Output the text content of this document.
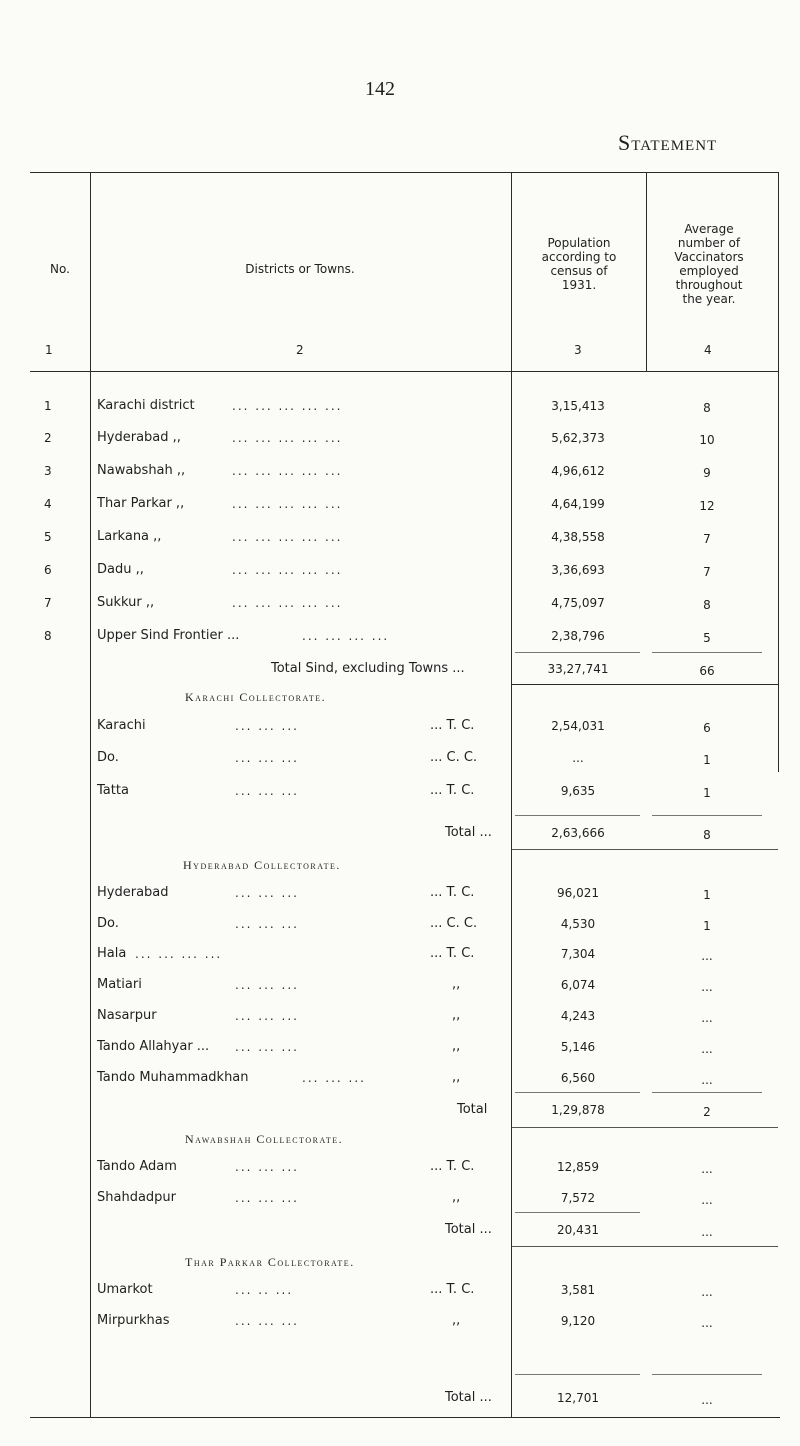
142
Statement
No.	Districts or Towns.
Population
according to
census of
1931.
Average
number of
Vaccinators
employed
throughout
the year.
1	2	3	4
1	Karachi district	... ... ... ... ...	3,15,413	8
2	Hyderabad ,,	... ... ... ... ...	5,62,373	10
3	Nawabshah ,,	... ... ... ... ...	4,96,612	9
4	Thar Parkar ,,	... ... ... ... ...	4,64,199	12
5	Larkana ,,	... ... ... ... ...	4,38,558	7
6	Dadu ,,	... ... ... ... ...	3,36,693	7
7	Sukkur ,,	... ... ... ... ...	4,75,097	8
8	Upper Sind Frontier ...	... ... ... ...	2,38,796	5
Total Sind, excluding Towns ...	33,27,741	66
Karachi Collectorate.
Karachi	... ... ...	... T. C.	2,54,031	6
Do.	... ... ...	... C. C.	...	1
Tatta	... ... ...	... T. C.	9,635	1
Total ...	2,63,666	8
Hyderabad Collectorate.
Hyderabad	... ... ...	... T. C.	96,021	1
Do.	... ... ...	... C. C.	4,530	1
Hala ... ... ... ...	... T. C.	7,304	...
Matiari	... ... ...	,,	6,074	...
Nasarpur	... ... ...	,,	4,243	...
Tando Allahyar ... ... ... ...	,,	5,146	...
Tando Muhammadkhan	... ... ...	,,	6,560	...
Total	1,29,878	2
Nawabshah Collectorate.
Tando Adam	... ... ...	... T. C.	12,859	...
Shahdadpur	... ... ...	,,	7,572	...
Total ...	20,431	...
Thar Parkar Collectorate.
Umarkot	... .. ...	... T. C.	3,581	...
Mirpurkhas	... ... ...	,,	9,120	...
Total ...	12,701	...
